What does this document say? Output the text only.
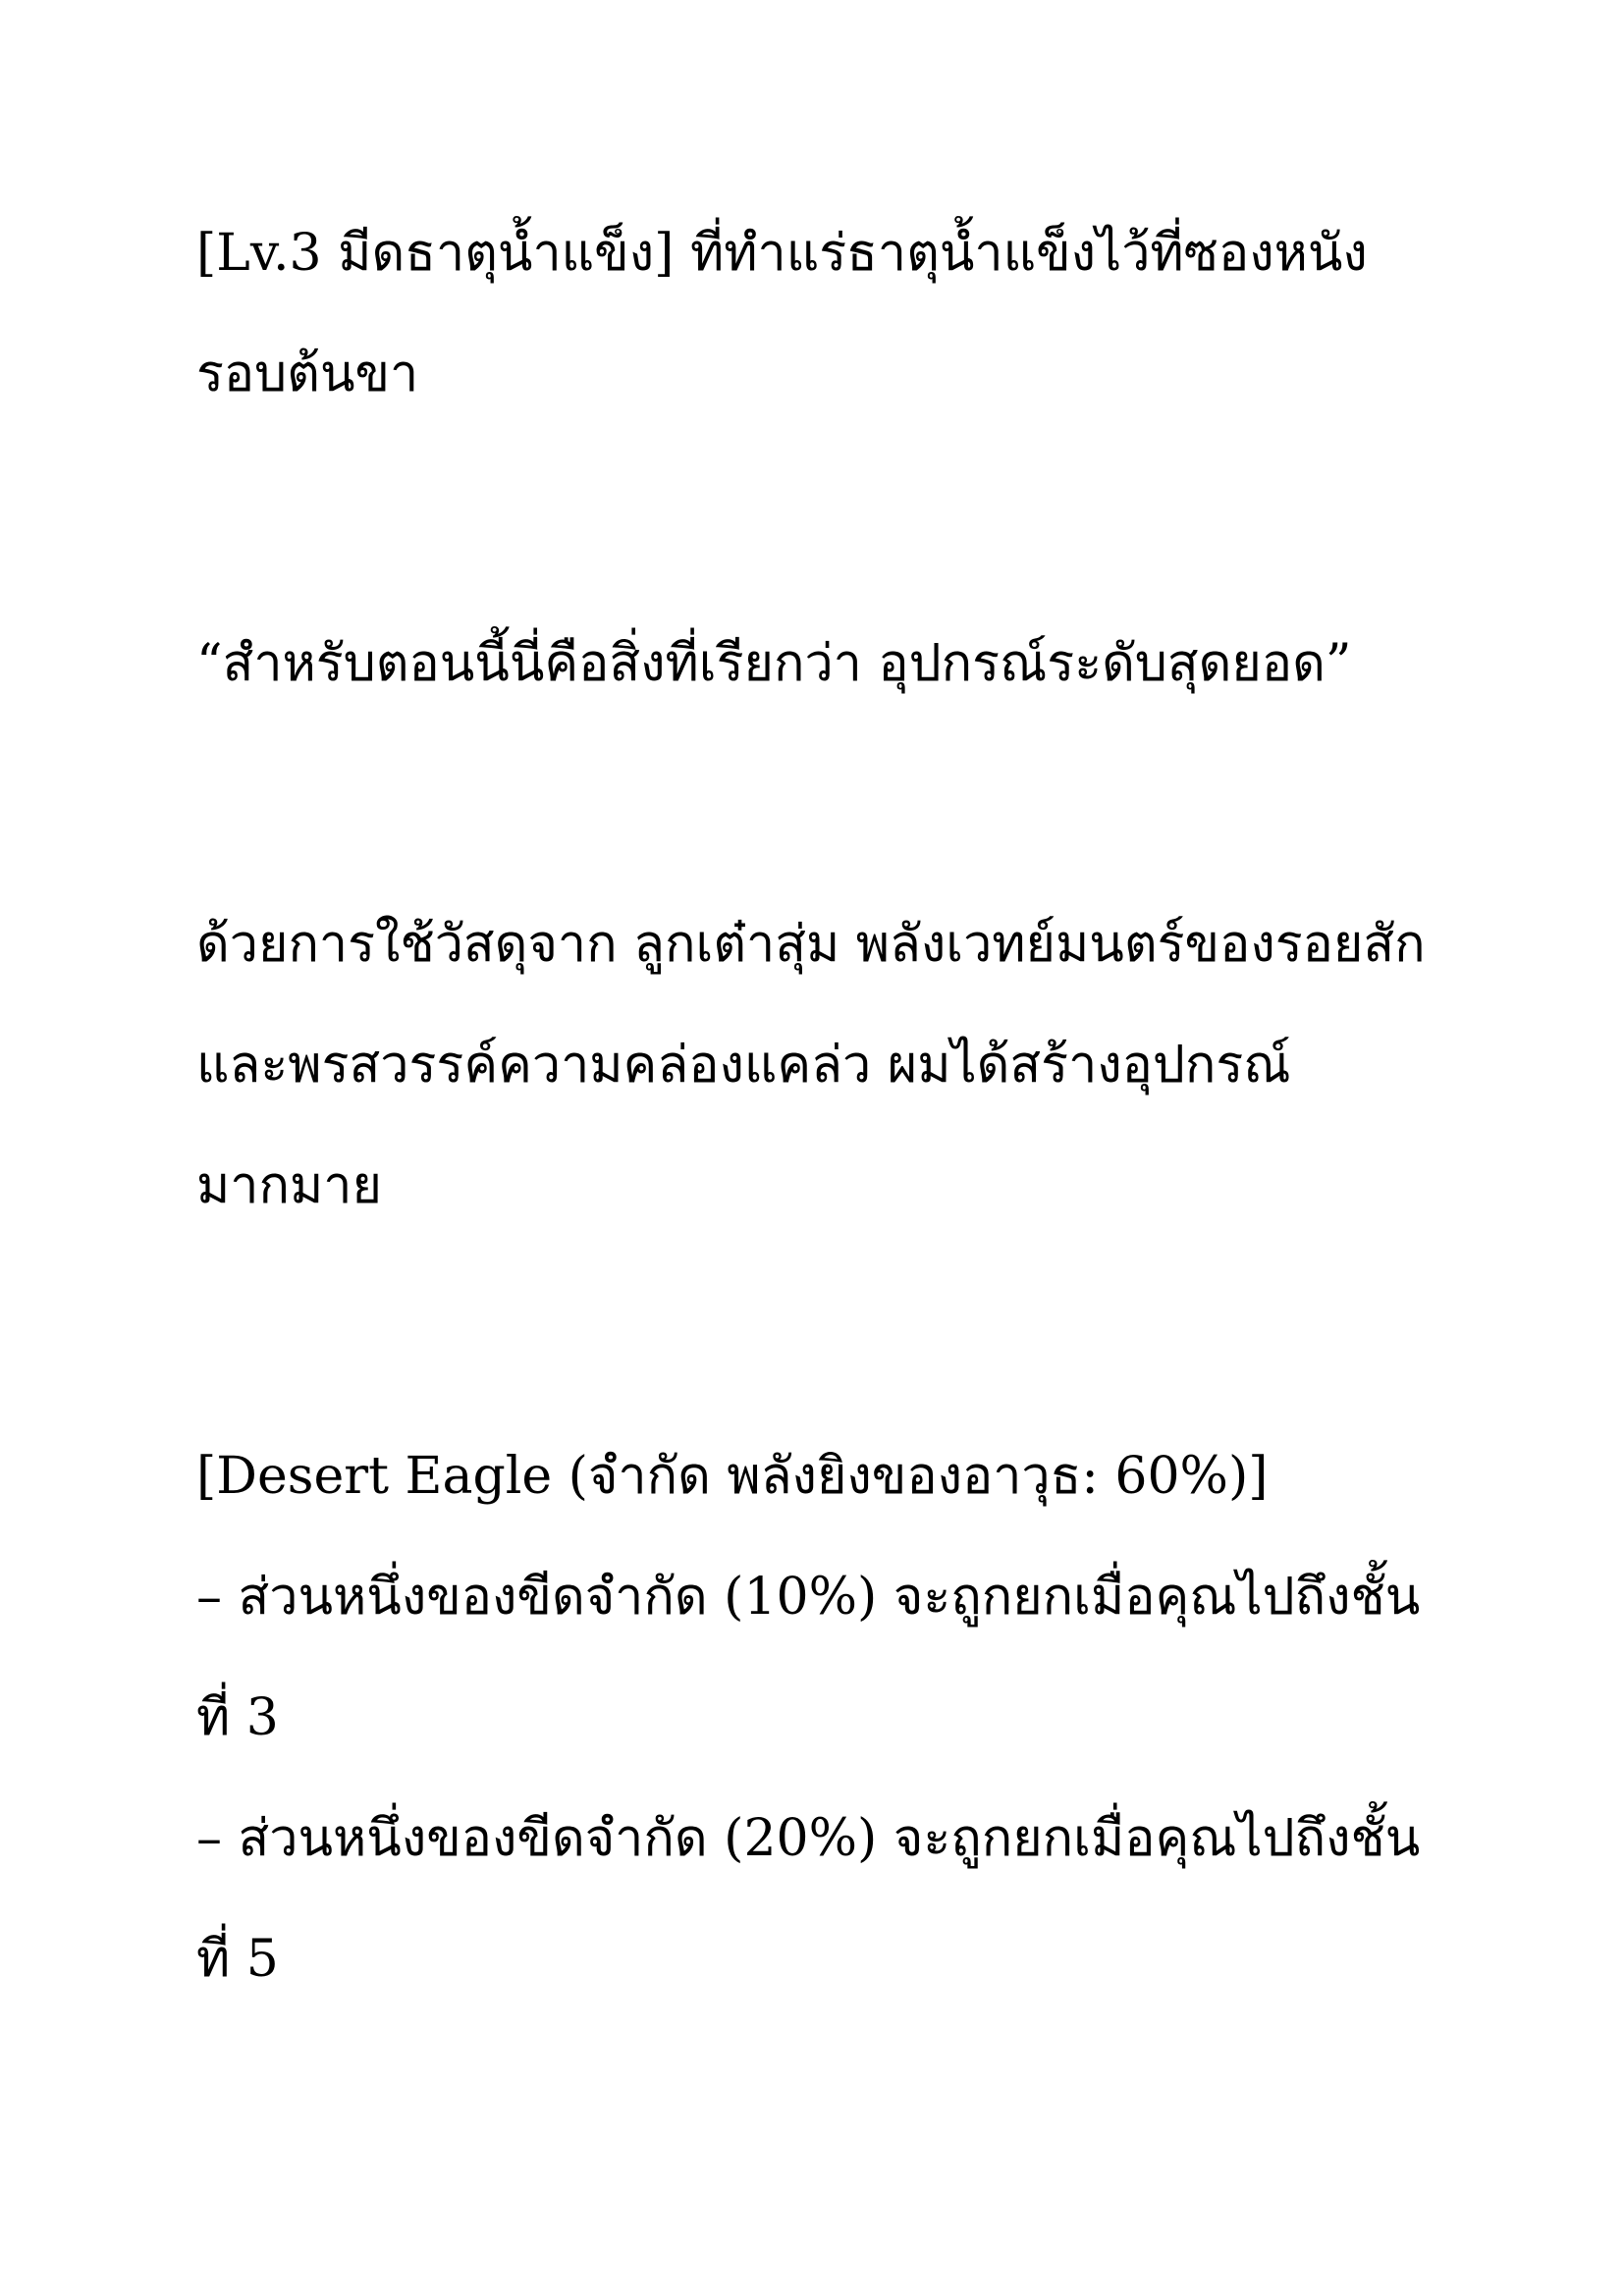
[Lv.3 มีดธาตุน้ำแข็ง] ที่ทำแร่ธาตุน้ำแข็งไว้ที่ซองหนัง
รอบต้นขา
“สำหรับตอนนี้นี่คือสิ่งที่เรียกว่า อุปกรณ์ระดับสุดยอด”
ด้วยการใช้วัสดุจาก ลูกเต๋าสุ่ม พลังเวทย์มนตร์ของรอยสัก
และพรสวรรค์ความคล่องแคล่ว ผมได้สร้างอุปกรณ์
มากมาย
[Desert Eagle (จำกัด พลังยิงของอาวุธ: 60%)]
– ส่วนหนึ่งของขีดจำกัด (10%) จะถูกยกเมื่อคุณไปถึงชั้น
ที่ 3
– ส่วนหนึ่งของขีดจำกัด (20%) จะถูกยกเมื่อคุณไปถึงชั้น
ที่ 5
